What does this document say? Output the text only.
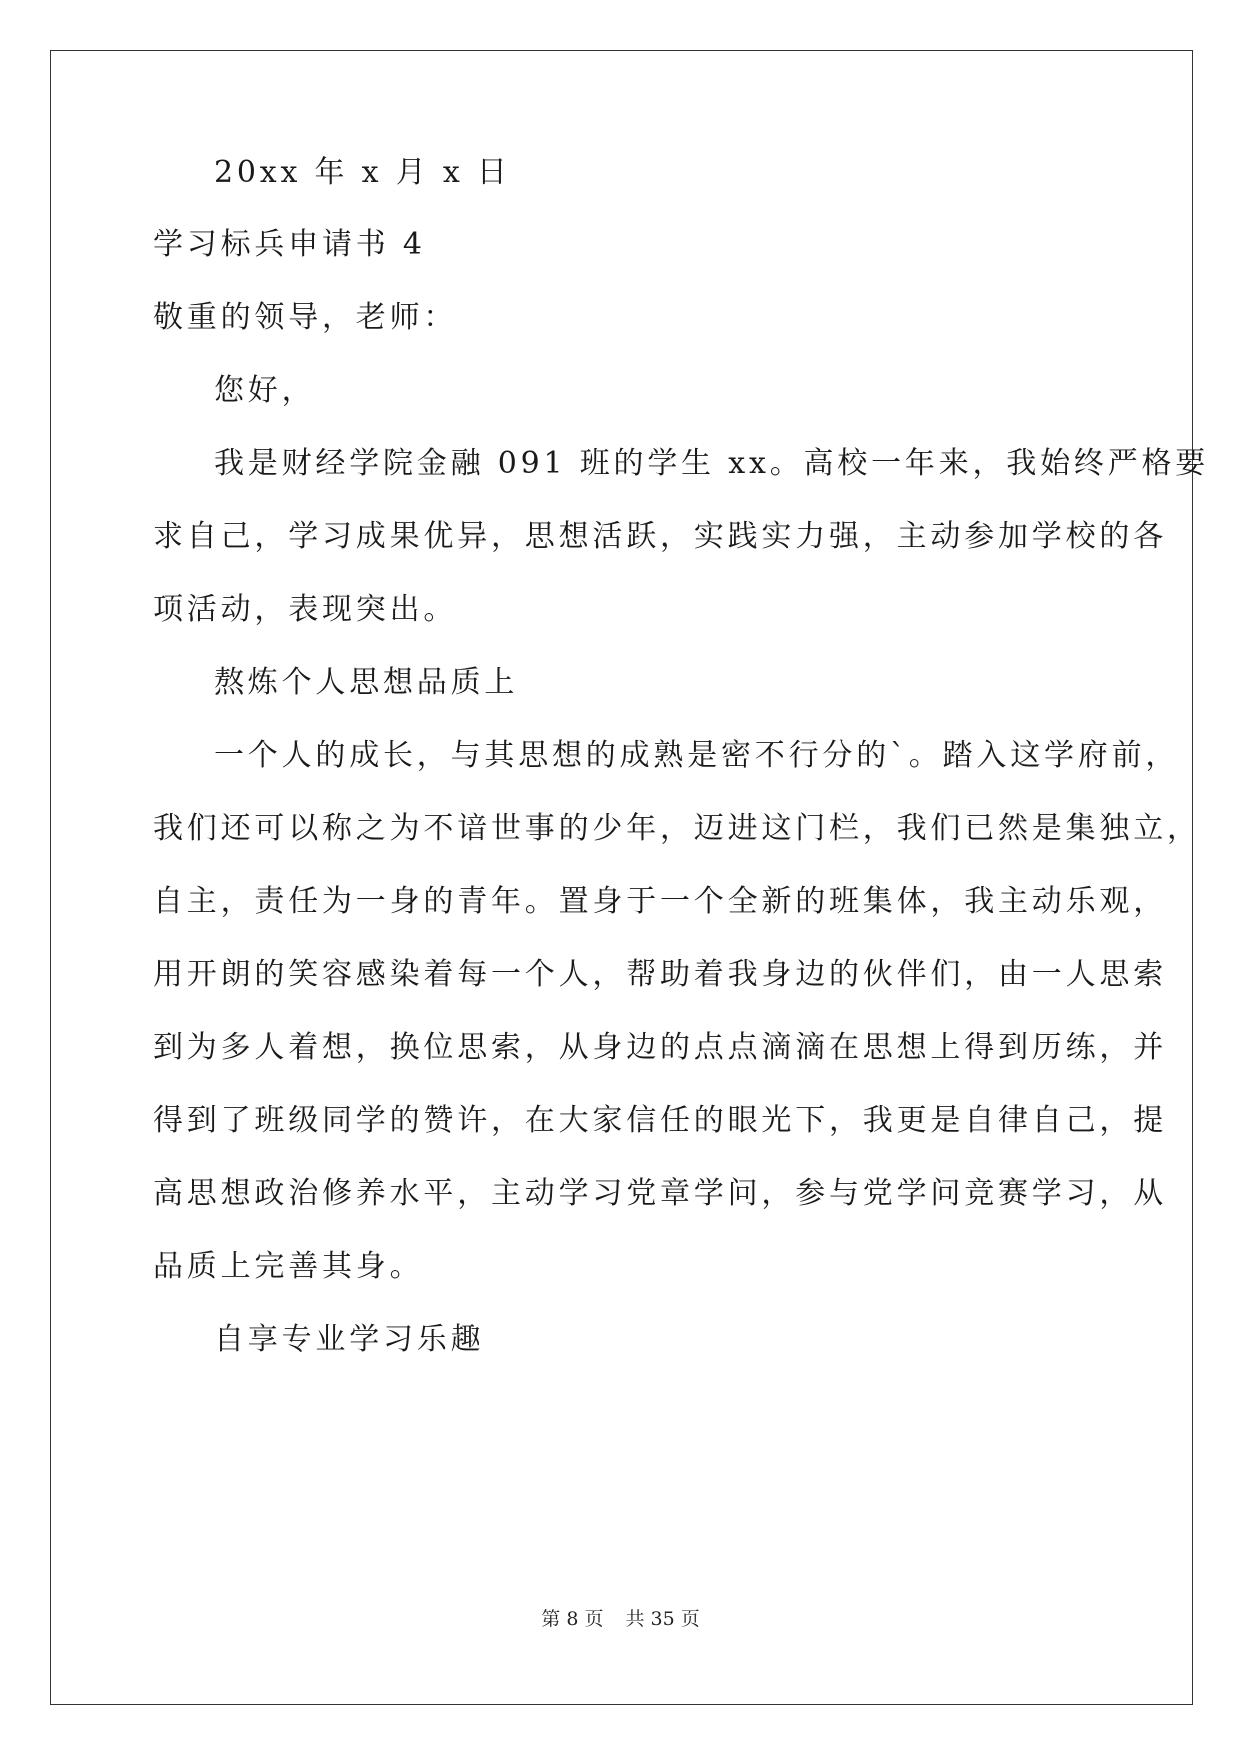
20xx 年 x 月 x 日
学习标兵申请书 4
敬重的领导，老师：
您好，
我是财经学院金融 091 班的学生 xx。高校一年来，我始终严格要
求自己，学习成果优异，思想活跃，实践实力强，主动参加学校的各
项活动，表现突出。
熬炼个人思想品质上
一个人的成长，与其思想的成熟是密不行分的`。踏入这学府前，
我们还可以称之为不谙世事的少年，迈进这门栏，我们已然是集独立，
自主，责任为一身的青年。置身于一个全新的班集体，我主动乐观，
用开朗的笑容感染着每一个人，帮助着我身边的伙伴们，由一人思索
到为多人着想，换位思索，从身边的点点滴滴在思想上得到历练，并
得到了班级同学的赞许，在大家信任的眼光下，我更是自律自己，提
高思想政治修养水平，主动学习党章学问，参与党学问竞赛学习，从
品质上完善其身。
自享专业学习乐趣
第 8 页 共 35 页
